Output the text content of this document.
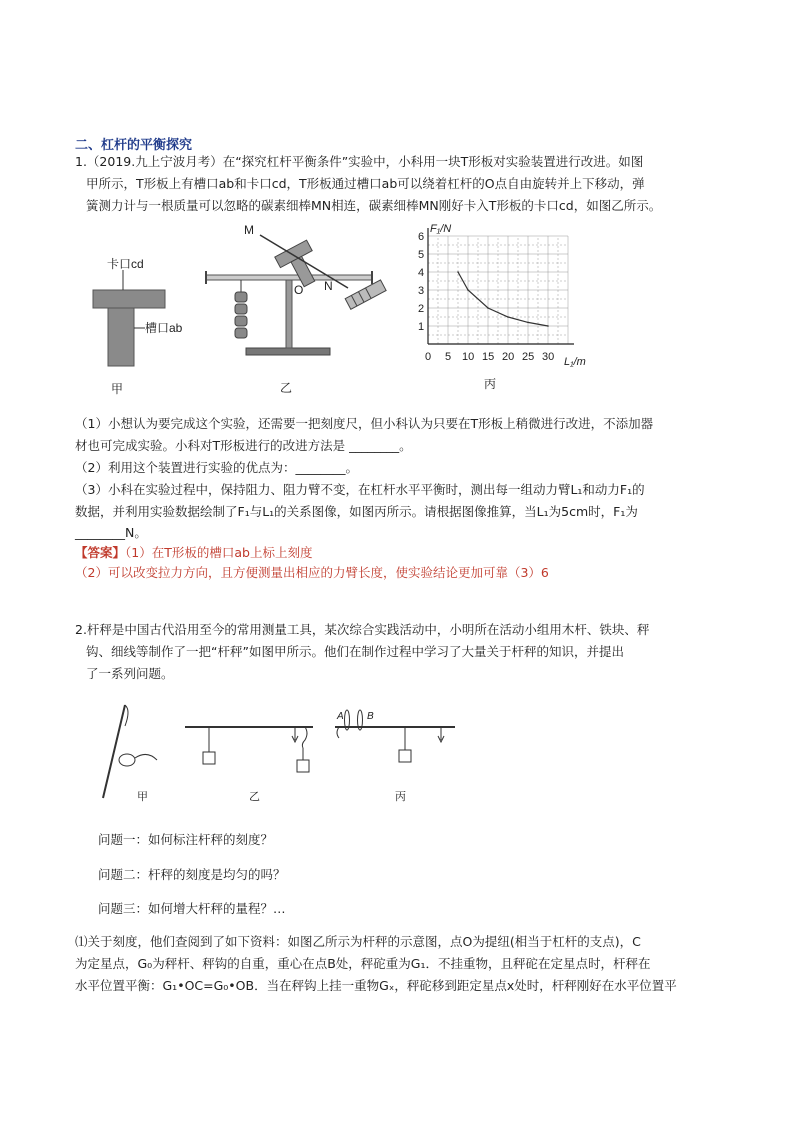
二、杠杆的平衡探究
1.（2019.九上宁波月考）在“探究杠杆平衡条件”实验中，小科用一块T形板对实验装置进行改进。如图
甲所示，T形板上有槽口ab和卡口cd，T形板通过槽口ab可以绕着杠杆的O点自由旋转并上下移动，弹
簧测力计与一根质量可以忽略的碳素细棒MN相连，碳素细棒MN刚好卡入T形板的卡口cd，如图乙所示。
卡口cd
槽口ab
甲
M
O N
乙
1
2
3
4
5
6
0 5 10 15 20 25 30
F₁/N
L₁/m
丙
（1）小想认为要完成这个实验，还需要一把刻度尺，但小科认为只要在T形板上稍微进行改进，不添加器
材也可完成实验。小科对T形板进行的改进方法是 ________。
（2）利用这个装置进行实验的优点为：________。
（3）小科在实验过程中，保持阻力、阻力臂不变，在杠杆水平平衡时，测出每一组动力臂L₁和动力F₁的
数据，并利用实验数据绘制了F₁与L₁的关系图像，如图丙所示。请根据图像推算，当L₁为5cm时，F₁为
________N。
【答案】（1）在T形板的槽口ab上标上刻度
（2）可以改变拉力方向，且方便测量出相应的力臂长度，使实验结论更加可靠（3）6
2.杆秤是中国古代沿用至今的常用测量工具，某次综合实践活动中，小明所在活动小组用木杆、铁块、秤
钩、细线等制作了一把“杆秤”如图甲所示。他们在制作过程中学习了大量关于杆秤的知识，并提出
了一系列问题。
甲	乙
A B
丙
问题一：如何标注杆秤的刻度？
问题二：杆秤的刻度是均匀的吗？
问题三：如何增大杆秤的量程？…
⑴关于刻度，他们查阅到了如下资料：如图乙所示为杆秤的示意图，点O为提纽(相当于杠杆的支点)，C
为定星点，G₀为秤杆、秤钩的自重，重心在点B处，秤砣重为G₁．不挂重物，且秤砣在定星点时，杆秤在
水平位置平衡：G₁•OC=G₀•OB．当在秤钩上挂一重物Gₓ，秤砣移到距定星点x处时，杆秤刚好在水平位置平
